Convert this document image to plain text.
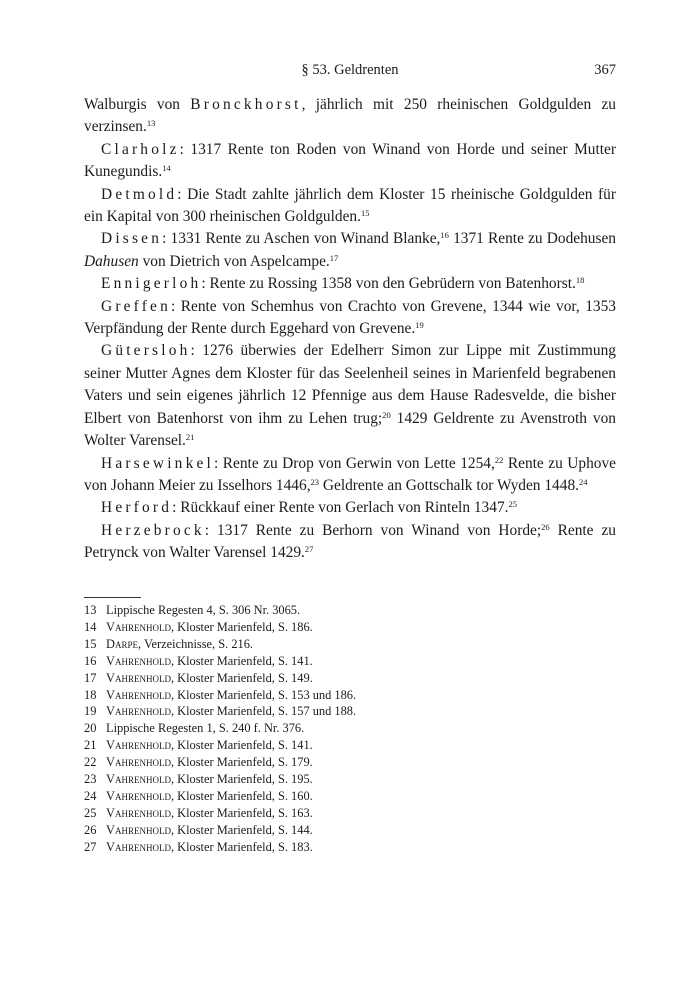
§ 53. Geldrenten	367

Walburgis von Bronckhorst, jährlich mit 250 rheinischen Goldgulden zu verzinsen.$^{13}$

Clarholz: 1317 Rente ton Roden von Winand von Horde und seiner Mutter Kunegundis.$^{14}$

Detmold: Die Stadt zahlte jährlich dem Kloster 15 rheinische Goldgulden für ein Kapital von 300 rheinischen Goldgulden.$^{15}$

Dissen: 1331 Rente zu Aschen von Winand Blanke,$^{16}$ 1371 Rente zu Dodehusen Dahusen von Dietrich von Aspelcampe.$^{17}$

Ennigerloh: Rente zu Rossing 1358 von den Gebrüdern von Batenhorst.$^{18}$

Greffen: Rente von Schemhus von Crachto von Grevene, 1344 wie vor, 1353 Verpfändung der Rente durch Eggehard von Grevene.$^{19}$

Gütersloh: 1276 überwies der Edelherr Simon zur Lippe mit Zustimmung seiner Mutter Agnes dem Kloster für das Seelenheil seines in Marienfeld begrabenen Vaters und sein eigenes jährlich 12 Pfennige aus dem Hause Radesvelde, die bisher Elbert von Batenhorst von ihm zu Lehen trug;$^{20}$ 1429 Geldrente zu Avenstroth von Wolter Varensel.$^{21}$

Harsewinkel: Rente zu Drop von Gerwin von Lette 1254,22 Rente zu Uphove von Johann Meier zu Isselhors 1446,23 Geldrente an Gottschalk tor Wyden 1448.24

Herford: Rückkauf einer Rente von Gerlach von Rinteln 1347.25

Herzebrock: 1317 Rente zu Berhorn von Winand von Horde;$^{26}$ Rente zu Petrynck von Walter Varensel 1429.27

13 Lippische Regesten 4, S. 306 Nr. 3065.
14 Vahrenhold, Kloster Marienfeld, S. 186.
15 Darpe, Verzeichnisse, S. 216.
16 Vahrenhold, Kloster Marienfeld, S. 141.
17 Vahrenhold, Kloster Marienfeld, S. 149.
18 Vahrenhold, Kloster Marienfeld, S. 153 und 186.
19 Vahrenhold, Kloster Marienfeld, S. 157 und 188.
20 Lippische Regesten 1, S. 240 f. Nr. 376.
21 Vahrenhold, Kloster Marienfeld, S. 141.
22 Vahrenhold, Kloster Marienfeld, S. 179.
23 Vahrenhold, Kloster Marienfeld, S. 195.
24 Vahrenhold, Kloster Marienfeld, S. 160.
25 Vahrenhold, Kloster Marienfeld, S. 163.
26 Vahrenhold, Kloster Marienfeld, S. 144.
27 Vahrenhold, Kloster Marienfeld, S. 183.
